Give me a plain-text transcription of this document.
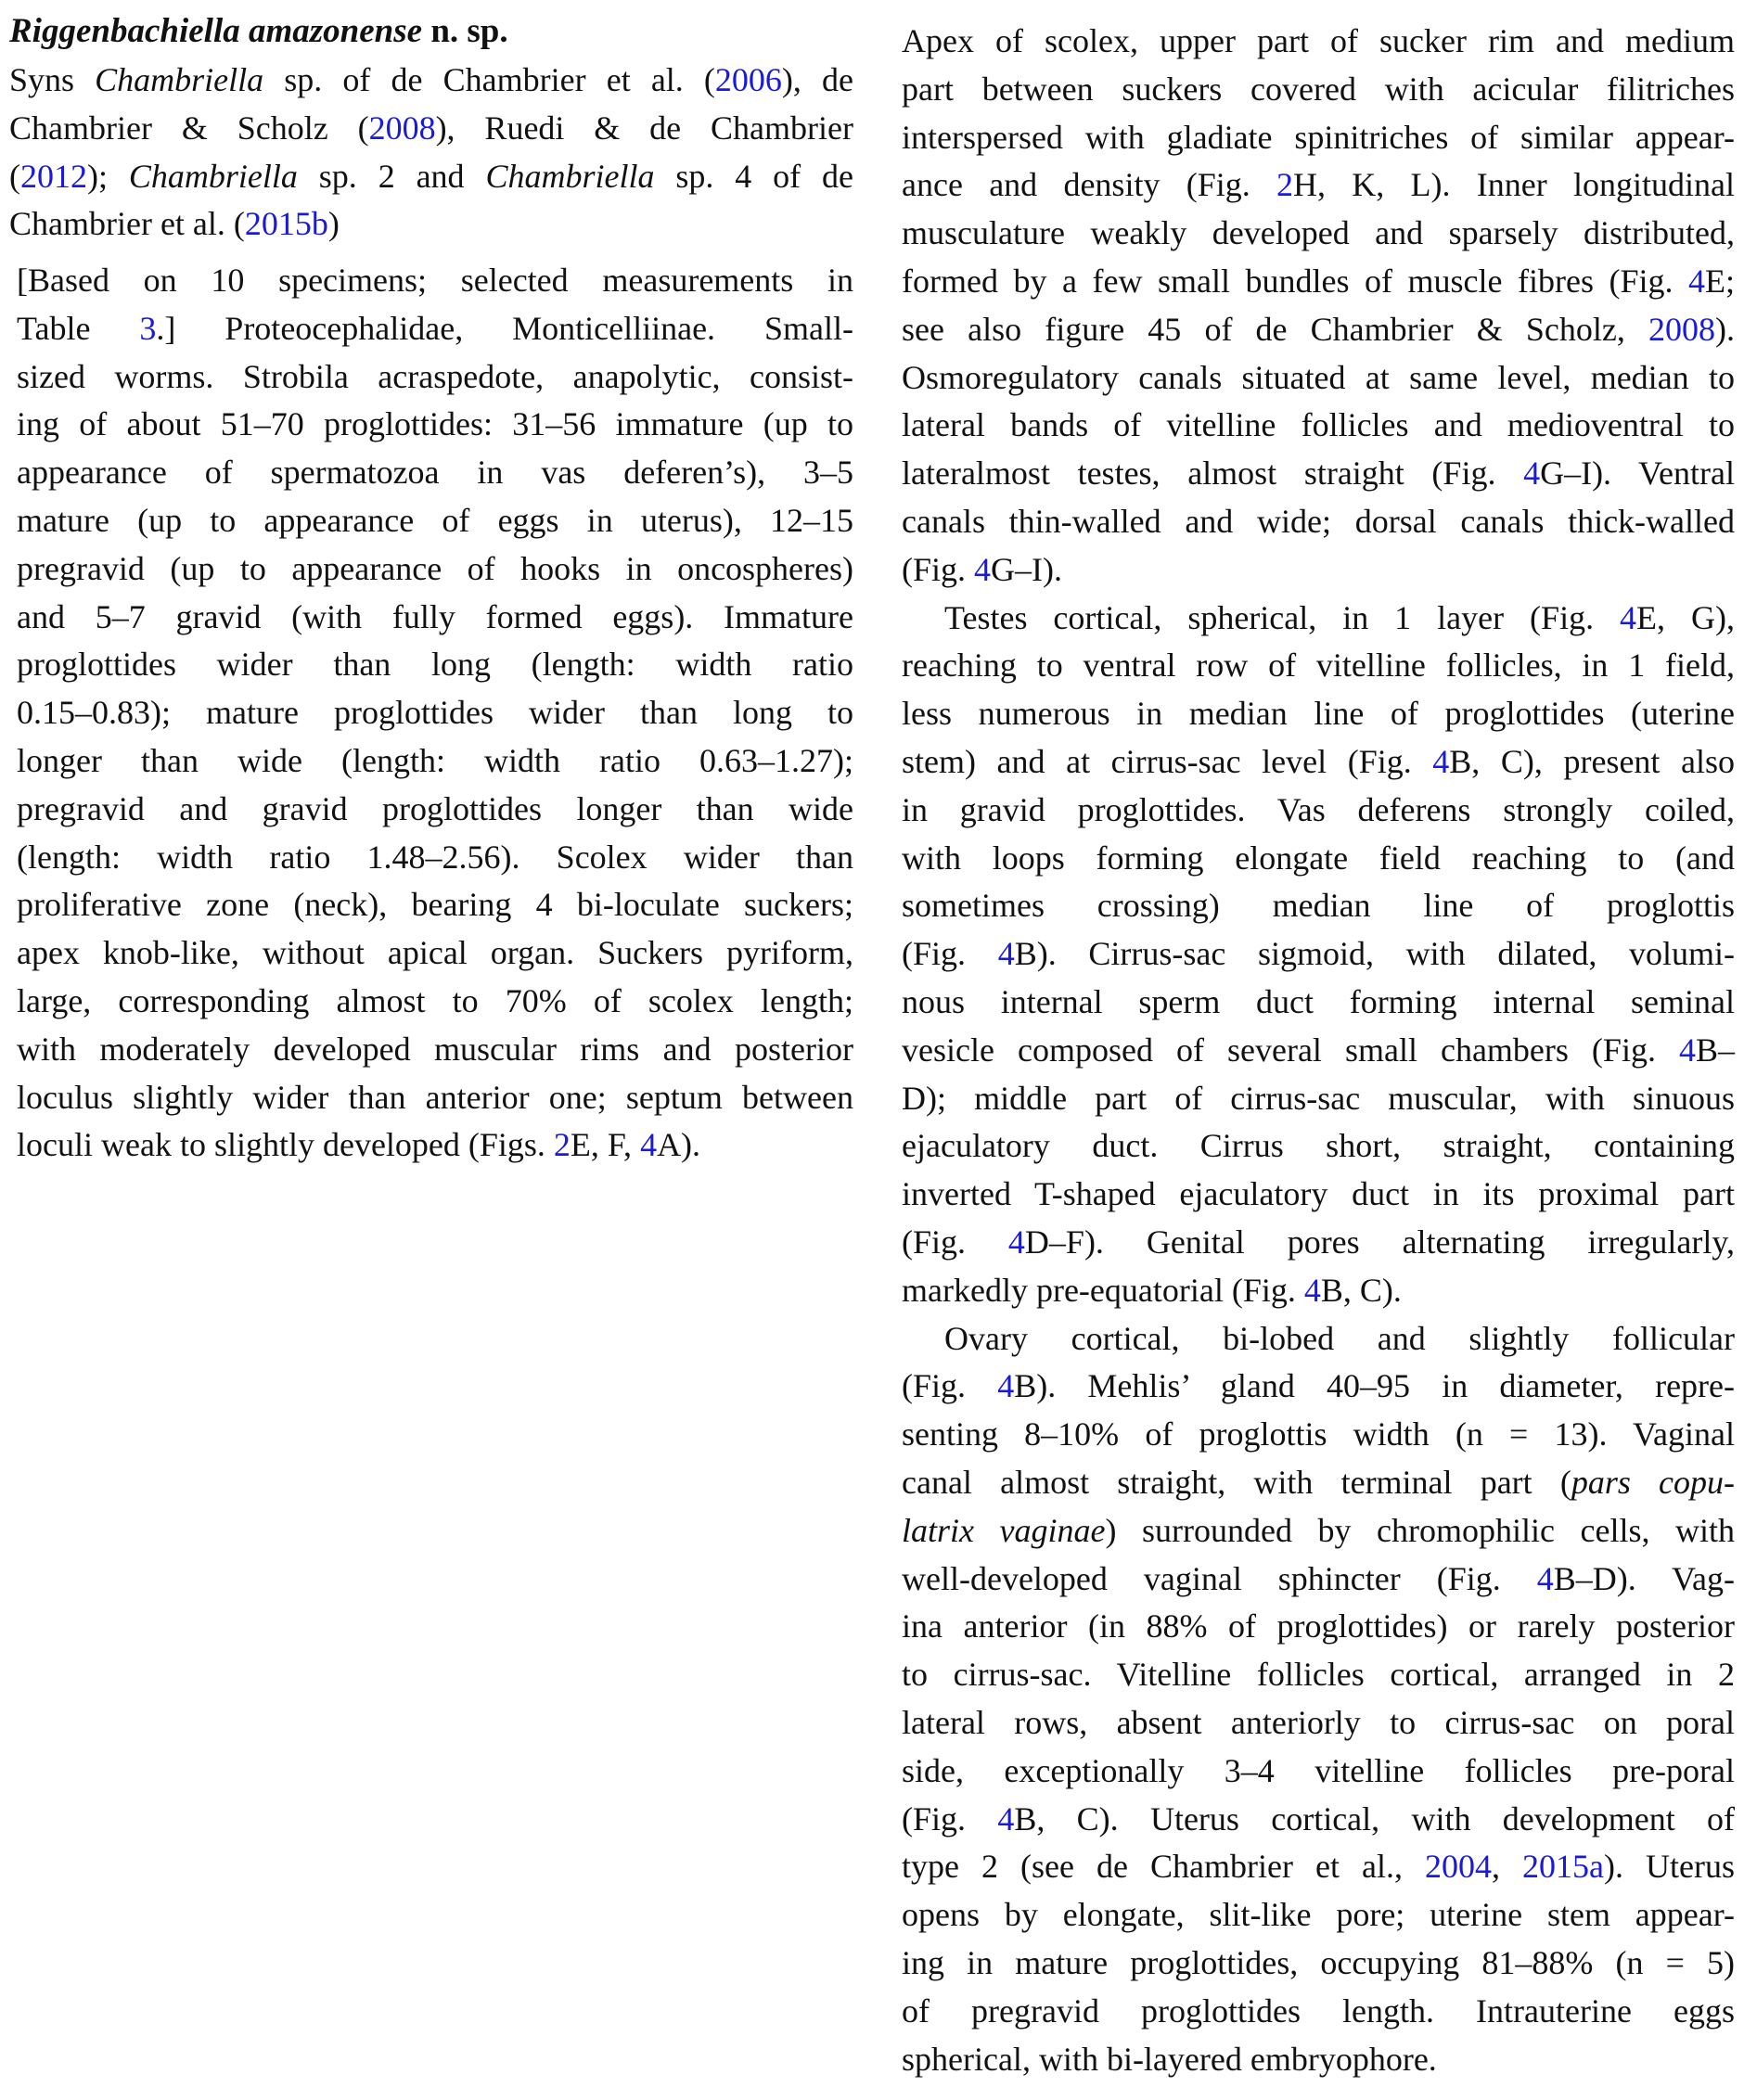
Riggenbachiella amazonense n. sp.
Syns Chambriella sp. of de Chambrier et al. (2006), de
Chambrier & Scholz (2008), Ruedi & de Chambrier
(2012); Chambriella sp. 2 and Chambriella sp. 4 of de
Chambrier et al. (2015b)
[Based on 10 specimens; selected measurements in
Table 3.] Proteocephalidae, Monticelliinae. Small-
sized worms. Strobila acraspedote, anapolytic, consist-
ing of about 51–70 proglottides: 31–56 immature (up to
appearance of spermatozoa in vas deferen’s), 3–5
mature (up to appearance of eggs in uterus), 12–15
pregravid (up to appearance of hooks in oncospheres)
and 5–7 gravid (with fully formed eggs). Immature
proglottides wider than long (length: width ratio
0.15–0.83); mature proglottides wider than long to
longer than wide (length: width ratio 0.63–1.27);
pregravid and gravid proglottides longer than wide
(length: width ratio 1.48–2.56). Scolex wider than
proliferative zone (neck), bearing 4 bi-loculate suckers;
apex knob-like, without apical organ. Suckers pyriform,
large, corresponding almost to 70% of scolex length;
with moderately developed muscular rims and posterior
loculus slightly wider than anterior one; septum between
loculi weak to slightly developed (Figs. 2E, F, 4A).
Apex of scolex, upper part of sucker rim and medium
part between suckers covered with acicular filitriches
interspersed with gladiate spinitriches of similar appear-
ance and density (Fig. 2H, K, L). Inner longitudinal
musculature weakly developed and sparsely distributed,
formed by a few small bundles of muscle fibres (Fig. 4E;
see also figure 45 of de Chambrier & Scholz, 2008).
Osmoregulatory canals situated at same level, median to
lateral bands of vitelline follicles and medioventral to
lateralmost testes, almost straight (Fig. 4G–I). Ventral
canals thin-walled and wide; dorsal canals thick-walled
(Fig. 4G–I).
Testes cortical, spherical, in 1 layer (Fig. 4E, G),
reaching to ventral row of vitelline follicles, in 1 field,
less numerous in median line of proglottides (uterine
stem) and at cirrus-sac level (Fig. 4B, C), present also
in gravid proglottides. Vas deferens strongly coiled,
with loops forming elongate field reaching to (and
sometimes crossing) median line of proglottis
(Fig. 4B). Cirrus-sac sigmoid, with dilated, volumi-
nous internal sperm duct forming internal seminal
vesicle composed of several small chambers (Fig. 4B–
D); middle part of cirrus-sac muscular, with sinuous
ejaculatory duct. Cirrus short, straight, containing
inverted T-shaped ejaculatory duct in its proximal part
(Fig. 4D–F). Genital pores alternating irregularly,
markedly pre-equatorial (Fig. 4B, C).
Ovary cortical, bi-lobed and slightly follicular
(Fig. 4B). Mehlis’ gland 40–95 in diameter, repre-
senting 8–10% of proglottis width (n = 13). Vaginal
canal almost straight, with terminal part (pars copu-
latrix vaginae) surrounded by chromophilic cells, with
well-developed vaginal sphincter (Fig. 4B–D). Vag-
ina anterior (in 88% of proglottides) or rarely posterior
to cirrus-sac. Vitelline follicles cortical, arranged in 2
lateral rows, absent anteriorly to cirrus-sac on poral
side, exceptionally 3–4 vitelline follicles pre-poral
(Fig. 4B, C). Uterus cortical, with development of
type 2 (see de Chambrier et al., 2004, 2015a). Uterus
opens by elongate, slit-like pore; uterine stem appear-
ing in mature proglottides, occupying 81–88% (n = 5)
of pregravid proglottides length. Intrauterine eggs
spherical, with bi-layered embryophore.
